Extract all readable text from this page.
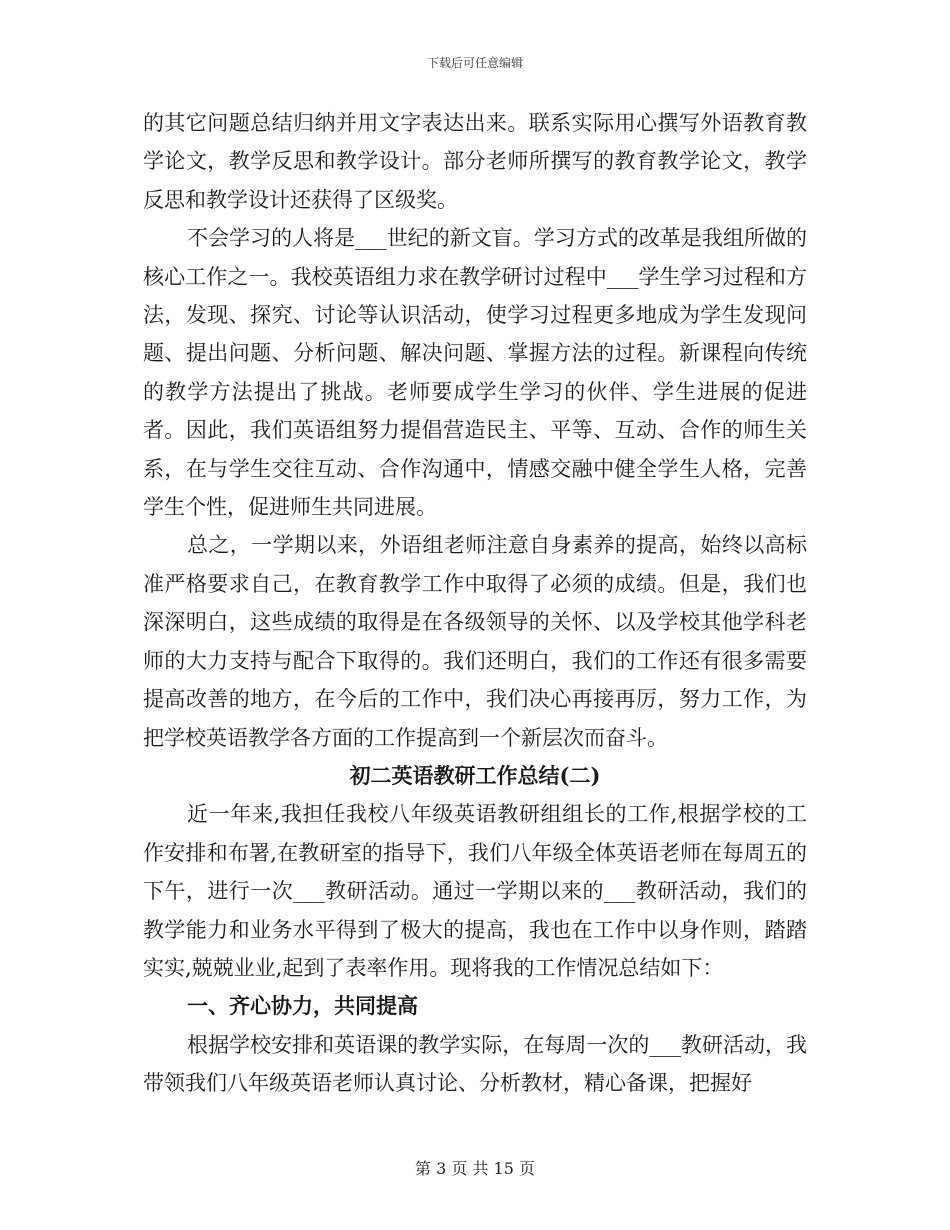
下载后可任意编辑

的其它问题总结归纳并用文字表达出来。联系实际用心撰写外语教育教学论文，教学反思和教学设计。部分老师所撰写的教育教学论文，教学反思和教学设计还获得了区级奖。

不会学习的人将是___世纪的新文盲。学习方式的改革是我组所做的核心工作之一。我校英语组力求在教学研讨过程中___学生学习过程和方法，发现、探究、讨论等认识活动，使学习过程更多地成为学生发现问题、提出问题、分析问题、解决问题、掌握方法的过程。新课程向传统的教学方法提出了挑战。老师要成学生学习的伙伴、学生进展的促进者。因此，我们英语组努力提倡营造民主、平等、互动、合作的师生关系，在与学生交往互动、合作沟通中，情感交融中健全学生人格，完善学生个性，促进师生共同进展。

总之，一学期以来，外语组老师注意自身素养的提高，始终以高标准严格要求自己，在教育教学工作中取得了必须的成绩。但是，我们也深深明白，这些成绩的取得是在各级领导的关怀、以及学校其他学科老师的大力支持与配合下取得的。我们还明白，我们的工作还有很多需要提高改善的地方，在今后的工作中，我们决心再接再厉，努力工作，为把学校英语教学各方面的工作提高到一个新层次而奋斗。

初二英语教研工作总结(二)

近一年来,我担任我校八年级英语教研组组长的工作,根据学校的工作安排和布署,在教研室的指导下，我们八年级全体英语老师在每周五的下午，进行一次___教研活动。通过一学期以来的___教研活动，我们的教学能力和业务水平得到了极大的提高，我也在工作中以身作则，踏踏实实,兢兢业业,起到了表率作用。现将我的工作情况总结如下：

一、齐心协力，共同提高

根据学校安排和英语课的教学实际，在每周一次的___教研活动，我带领我们八年级英语老师认真讨论、分析教材，精心备课，把握好

第 3 页 共 15 页
